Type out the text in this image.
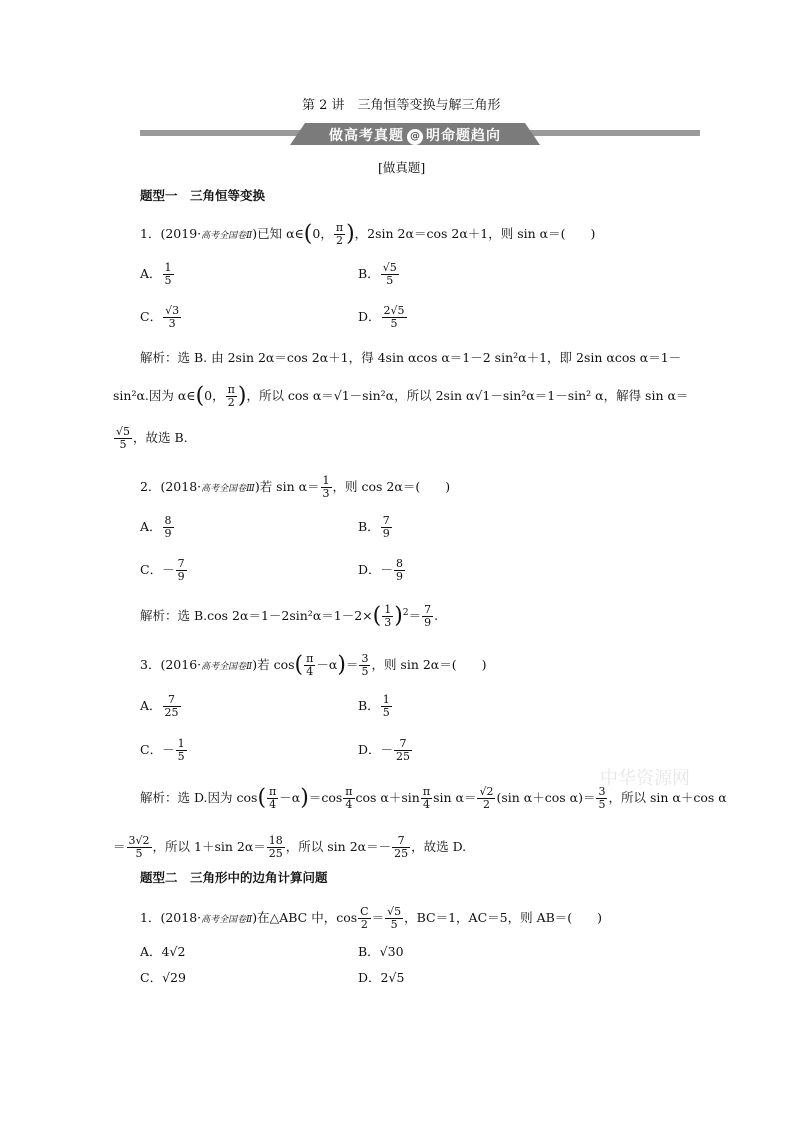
第 2 讲　三角恒等变换与解三角形
做高考真题 @ 明命题趋向
[做真题]
题型一　三角恒等变换
1．(2019·高考全国卷Ⅱ)已知 α∈(0， $\frac{\pi}{2}$ )，2sin 2α＝cos 2α＋1，则 sin α＝(　　)
A． $\frac{1}{5}$	B． $\frac{√5}{5}$
C． $\frac{√3}{3}$	D． $\frac{2√5}{5}$
解析：选 B. 由 2sin 2α＝cos 2α＋1，得 4sin αcos α＝1－2 sin²α＋1，即 2sin αcos α＝1－
sin²α.因为 α∈(0， $\frac{\pi}{2}$ )，所以 cos α＝√1－sin²α，所以 2sin α√1－sin²α＝1－sin² α，解得 sin α＝
$\frac{√5}{5}$ ，故选 B.
2．(2018·高考全国卷Ⅲ)若 $\sin \alpha= \frac{1}{3}$ ，则 cos 2α＝(　　)
A． $\frac{8}{9}$	B． $\frac{7}{9}$
C．－ $\frac{7}{9}$	D．－ $\frac{8}{9}$
解析：选 B.cos $2\alpha=1-2\sin^2\alpha=1-2\times( \frac{1}{3} )^2= \frac{7}{9}$ .
3．(2016·高考全国卷Ⅱ)若 $\cos( \frac{\pi}{4} -\alpha)= \frac{3}{5}$ ，则 sin 2α＝(　　)
A． $\frac{7}{25}$	B． $\frac{1}{5}$
C．－ $\frac{1}{5}$	D．－ $\frac{7}{25}$
解析：选 D.因为 $\cos( \frac{\pi}{4} -\alpha)=\cos \frac{\pi}{4}$ $\cos \alpha+\sin \frac{\pi}{4}$ $\sin \alpha= \frac{√2}{2} (\sin$ α＋cos $\alpha)= \frac{3}{5}$ ，所以 sin α＋cos α
＝ $\frac{3√2}{5}$ ，所以 1＋sin $2\alpha= \frac{18}{25}$ ，所以 $\sin 2\alpha=- \frac{7}{25}$ ，故选 D.
中华资源网
题型二　三角形中的边角计算问题
1．(2018·高考全国卷Ⅱ)在△ABC 中，$\cos \frac{C}{2} = \frac{√5}{5}$ ，BC＝1，AC＝5，则 AB＝(　　)
A．4√2	B．√30
C．√29	D．2√5
